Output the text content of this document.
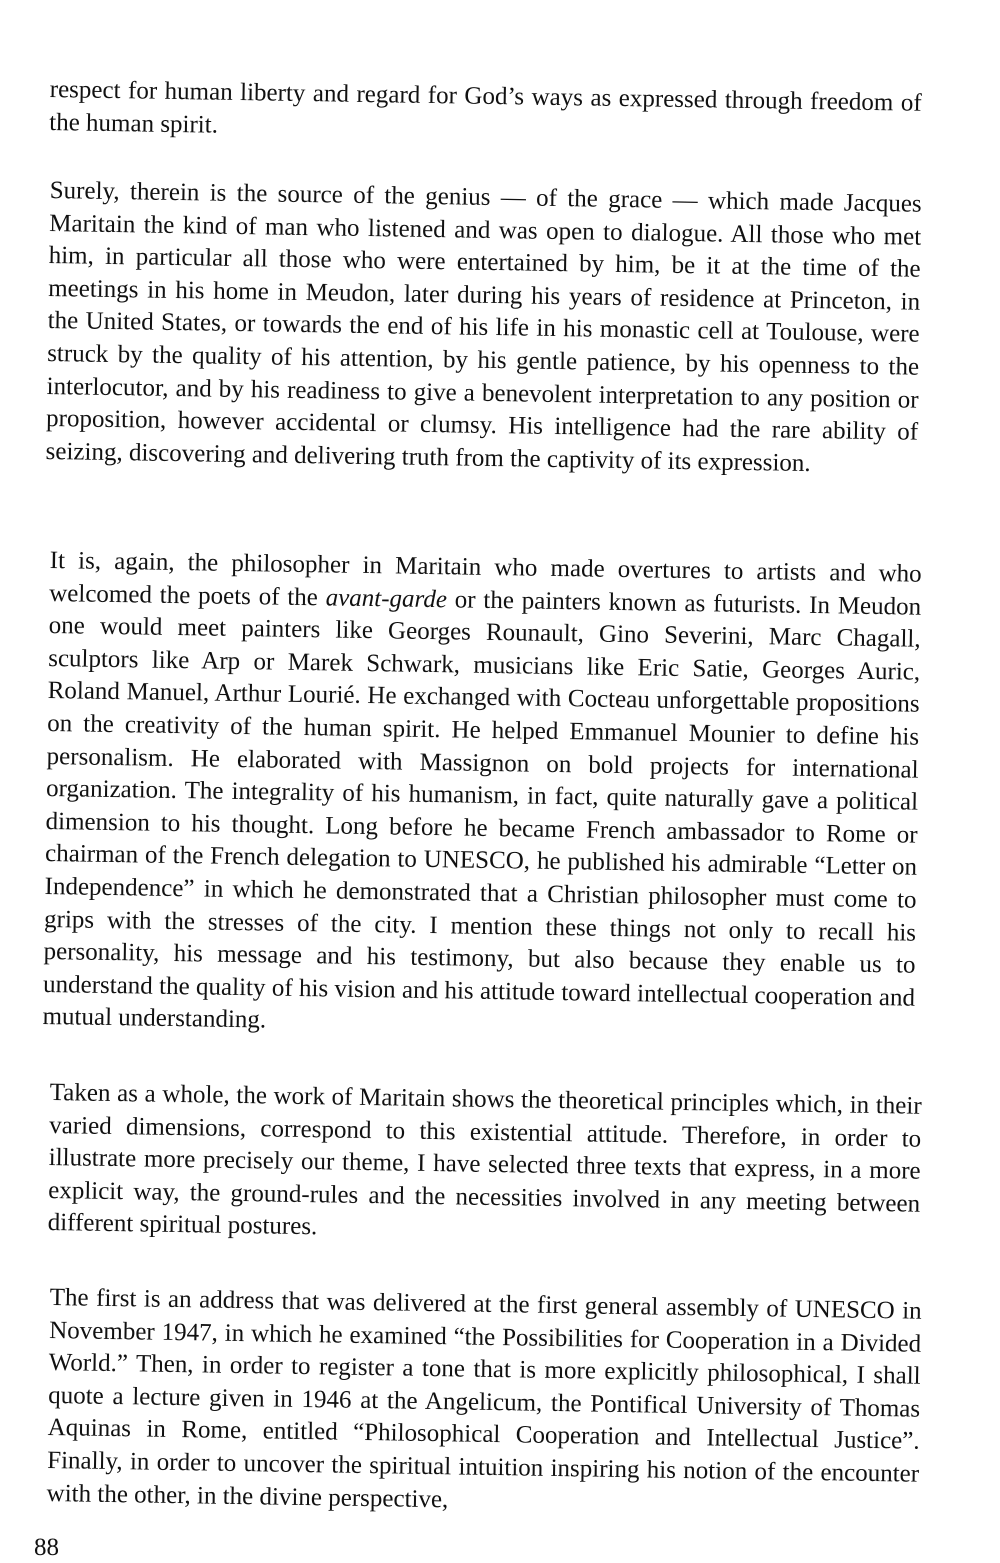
respect for human liberty and regard for God’s ways as expressed through freedom of the human spirit.

Surely, therein is the source of the genius — of the grace — which made Jacques Maritain the kind of man who listened and was open to dialogue. All those who met him, in particular all those who were entertained by him, be it at the time of the meetings in his home in Meudon, later during his years of residence at Princeton, in the United States, or towards the end of his life in his monastic cell at Toulouse, were struck by the quality of his attention, by his gentle patience, by his openness to the interlocutor, and by his readiness to give a benevolent interpretation to any position or proposition, however accidental or clumsy. His intelligence had the rare ability of seizing, discovering and delivering truth from the captivity of its expression.

It is, again, the philosopher in Maritain who made overtures to artists and who welcomed the poets of the avant-garde or the painters known as futurists. In Meudon one would meet painters like Georges Rounault, Gino Severini, Marc Chagall, sculptors like Arp or Marek Schwark, musicians like Eric Satie, Georges Auric, Roland Manuel, Arthur Lourié. He exchanged with Cocteau unforgettable propositions on the creativity of the human spirit. He helped Emmanuel Mounier to define his personalism. He elaborated with Massignon on bold projects for international organization. The integrality of his humanism, in fact, quite naturally gave a political dimension to his thought. Long before he became French ambassador to Rome or chairman of the French delegation to UNESCO, he published his admirable “Letter on Independence” in which he demonstrated that a Christian philosopher must come to grips with the stresses of the city. I mention these things not only to recall his personality, his message and his testimony, but also because they enable us to understand the quality of his vision and his attitude toward intellectual cooperation and mutual understanding.

Taken as a whole, the work of Maritain shows the theoretical principles which, in their varied dimensions, correspond to this existential attitude. Therefore, in order to illustrate more precisely our theme, I have selected three texts that express, in a more explicit way, the ground-rules and the necessities involved in any meeting between different spiritual postures.

The first is an address that was delivered at the first general assembly of UNESCO in November 1947, in which he examined “the Possibilities for Cooperation in a Divided World.” Then, in order to register a tone that is more explicitly philosophical, I shall quote a lecture given in 1946 at the Angelicum, the Pontifical University of Thomas Aquinas in Rome, entitled “Philosophical Cooperation and Intellectual Justice”. Finally, in order to uncover the spiritual intuition inspiring his notion of the encounter with the other, in the divine perspective,

88
